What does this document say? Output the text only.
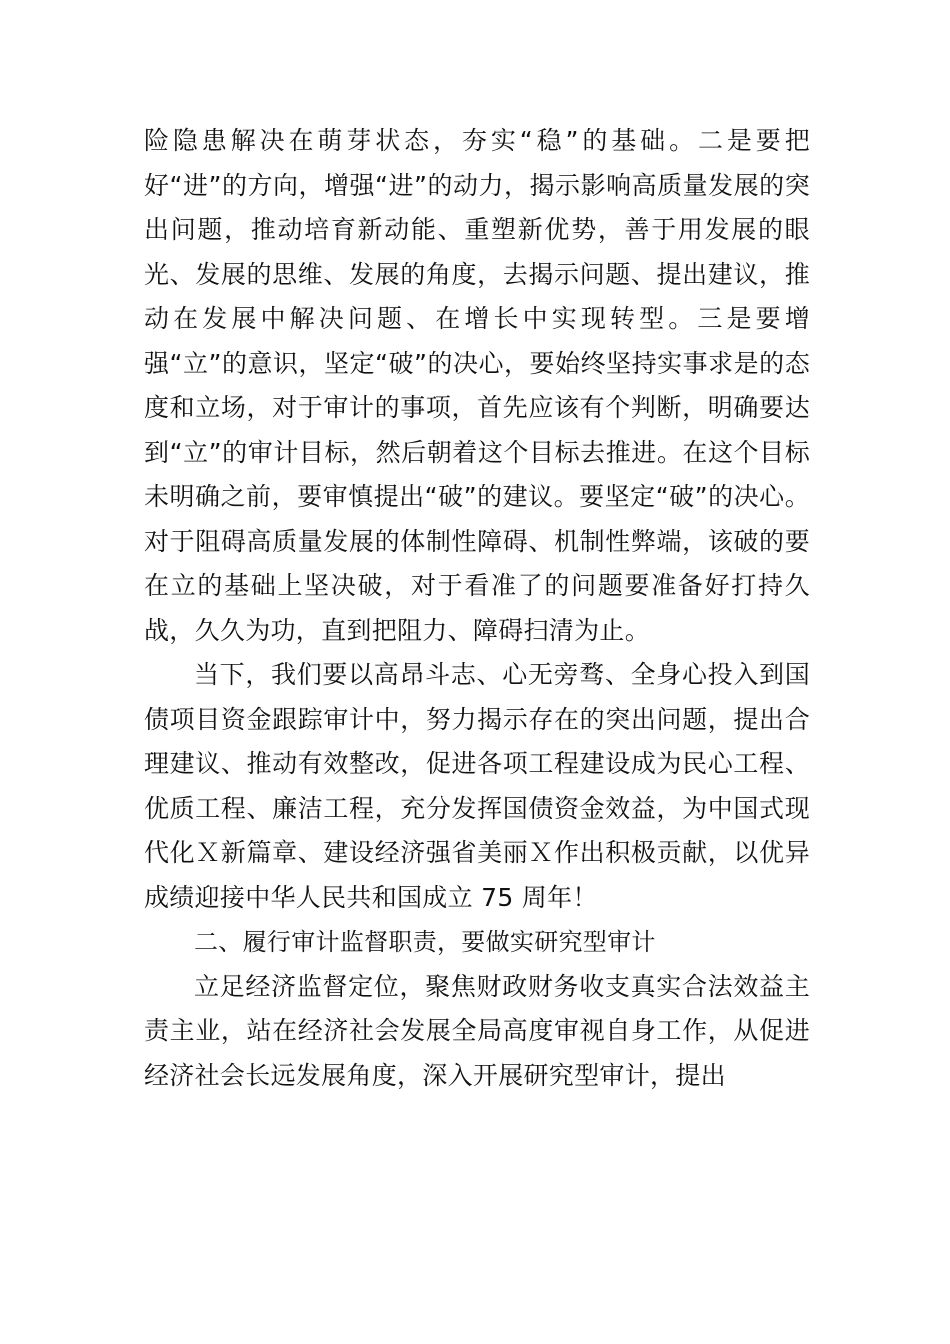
险隐患解决在萌芽状态，夯实“稳”的基础。二是要把好“进”的方向，增强“进”的动力，揭示影响高质量发展的突出问题，推动培育新动能、重塑新优势，善于用发展的眼光、发展的思维、发展的角度，去揭示问题、提出建议，推动在发展中解决问题、在增长中实现转型。三是要增强“立”的意识，坚定“破”的决心，要始终坚持实事求是的态度和立场，对于审计的事项，首先应该有个判断，明确要达到“立”的审计目标，然后朝着这个目标去推进。在这个目标未明确之前，要审慎提出“破”的建议。要坚定“破”的决心。对于阻碍高质量发展的体制性障碍、机制性弊端，该破的要在立的基础上坚决破，对于看准了的问题要准备好打持久战，久久为功，直到把阻力、障碍扫清为止。

当下，我们要以高昂斗志、心无旁骛、全身心投入到国债项目资金跟踪审计中，努力揭示存在的突出问题，提出合理建议、推动有效整改，促进各项工程建设成为民心工程、优质工程、廉洁工程，充分发挥国债资金效益，为中国式现代化Ｘ新篇章、建设经济强省美丽Ｘ作出积极贡献，以优异成绩迎接中华人民共和国成立 75 周年！

二、履行审计监督职责，要做实研究型审计

立足经济监督定位，聚焦财政财务收支真实合法效益主责主业，站在经济社会发展全局高度审视自身工作，从促进经济社会长远发展角度，深入开展研究型审计，提出
